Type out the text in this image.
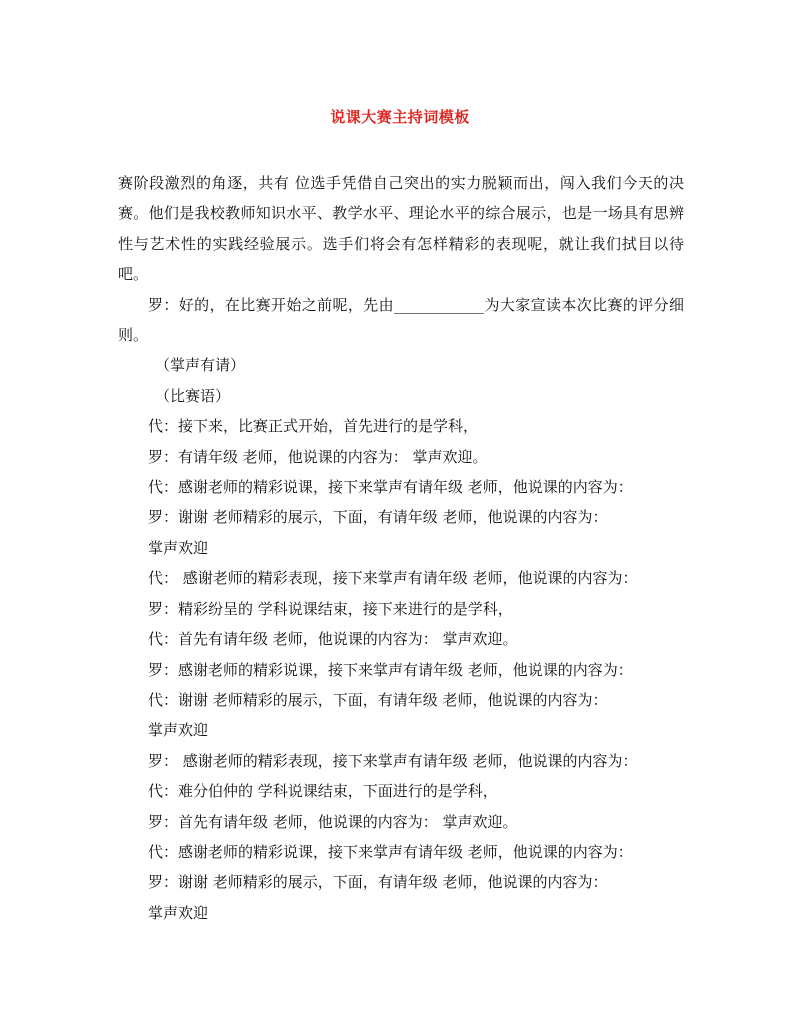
说课大赛主持词模板

赛阶段激烈的角逐，共有 位选手凭借自己突出的实力脱颖而出，闯入我们今天的决赛。他们是我校教师知识水平、教学水平、理论水平的综合展示，也是一场具有思辨性与艺术性的实践经验展示。选手们将会有怎样精彩的表现呢，就让我们拭目以待吧。

罗：好的，在比赛开始之前呢，先由____________为大家宣读本次比赛的评分细则。

（掌声有请）

（比赛语）

代：接下来，比赛正式开始，首先进行的是学科，

罗：有请年级 老师，他说课的内容为： 掌声欢迎。

代：感谢老师的精彩说课，接下来掌声有请年级 老师，他说课的内容为：

罗：谢谢 老师精彩的展示，下面，有请年级 老师，他说课的内容为：

掌声欢迎

代： 感谢老师的精彩表现，接下来掌声有请年级 老师，他说课的内容为：

罗：精彩纷呈的 学科说课结束，接下来进行的是学科，

代：首先有请年级 老师，他说课的内容为： 掌声欢迎。

罗：感谢老师的精彩说课，接下来掌声有请年级 老师，他说课的内容为：

代：谢谢 老师精彩的展示，下面，有请年级 老师，他说课的内容为：

掌声欢迎

罗： 感谢老师的精彩表现，接下来掌声有请年级 老师，他说课的内容为：

代：难分伯仲的 学科说课结束，下面进行的是学科，

罗：首先有请年级 老师，他说课的内容为： 掌声欢迎。

代：感谢老师的精彩说课，接下来掌声有请年级 老师，他说课的内容为：

罗：谢谢 老师精彩的展示，下面，有请年级 老师，他说课的内容为：

掌声欢迎
